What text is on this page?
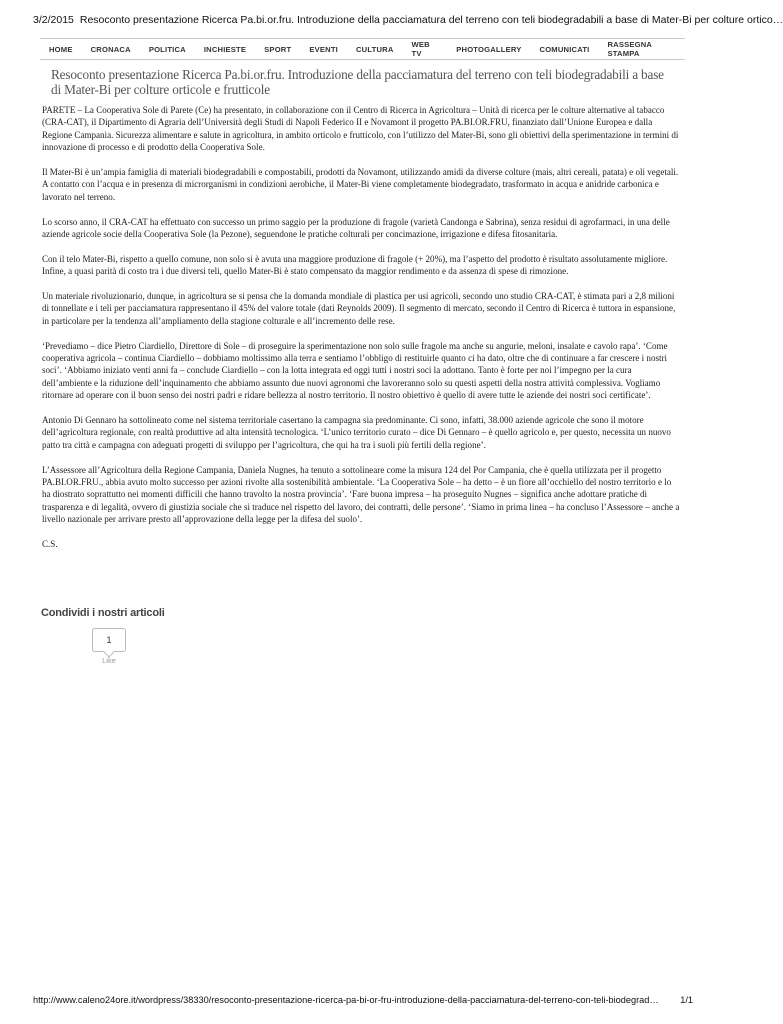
3/2/2015 Resoconto presentazione Ricerca Pa.bi.or.fru. Introduzione della pacciamatura del terreno con teli biodegradabili a base di Mater-Bi per colture ortico…
HOME	CRONACA	POLITICA	INCHIESTE	SPORT	EVENTI	CULTURA	WEB TV	PHOTOGALLERY	COMUNICATI	RASSEGNA STAMPA
Resoconto presentazione Ricerca Pa.bi.or.fru. Introduzione della pacciamatura del terreno con teli biodegradabili a base di Mater-Bi per colture orticole e frutticole

PARETE – La Cooperativa Sole di Parete (Ce) ha presentato, in collaborazione con il Centro di Ricerca in Agricoltura – Unità di ricerca per le colture alternative al tabacco (CRA-CAT), il Dipartimento di Agraria dell’Università degli Studi di Napoli Federico II e Novamont il progetto PA.BI.OR.FRU, finanziato dall’Unione Europea e dalla Regione Campania. Sicurezza alimentare e salute in agricoltura, in ambito orticolo e frutticolo, con l’utilizzo del Mater-Bi, sono gli obiettivi della sperimentazione in termini di innovazione di processo e di prodotto della Cooperativa Sole.

Il Mater-Bi è un’ampia famiglia di materiali biodegradabili e compostabili, prodotti da Novamont, utilizzando amidi da diverse colture (mais, altri cereali, patata) e oli vegetali. A contatto con l’acqua e in presenza di microrganismi in condizioni aerobiche, il Mater-Bi viene completamente biodegradato, trasformato in acqua e anidride carbonica e lavorato nel terreno.

Lo scorso anno, il CRA-CAT ha effettuato con successo un primo saggio per la produzione di fragole (varietà Candonga e Sabrina), senza residui di agrofarmaci, in una delle aziende agricole socie della Cooperativa Sole (la Pezone), seguendone le pratiche colturali per concimazione, irrigazione e difesa fitosanitaria.

Con il telo Mater-Bi, rispetto a quello comune, non solo si è avuta una maggiore produzione di fragole (+ 20%), ma l’aspetto del prodotto è risultato assolutamente migliore. Infine, a quasi parità di costo tra i due diversi teli, quello Mater-Bi è stato compensato da maggior rendimento e da assenza di spese di rimozione.

Un materiale rivoluzionario, dunque, in agricoltura se si pensa che la domanda mondiale di plastica per usi agricoli, secondo uno studio CRA-CAT, è stimata pari a 2,8 milioni di tonnellate e i teli per pacciamatura rappresentano il 45% del valore totale (dati Reynolds 2009). Il segmento di mercato, secondo il Centro di Ricerca è tuttora in espansione, in particolare per la tendenza all’ampliamento della stagione colturale e all’incremento delle rese.

‘Prevediamo – dice Pietro Ciardiello, Direttore di Sole – di proseguire la sperimentazione non solo sulle fragole ma anche su angurie, meloni, insalate e cavolo rapa’. ‘Come cooperativa agricola – continua Ciardiello – dobbiamo moltissimo alla terra e sentiamo l’obbligo di restituirle quanto ci ha dato, oltre che di continuare a far crescere i nostri soci’. ‘Abbiamo iniziato venti anni fa – conclude Ciardiello – con la lotta integrata ed oggi tutti i nostri soci la adottano. Tanto è forte per noi l’impegno per la cura dell’ambiente e la riduzione dell’inquinamento che abbiamo assunto due nuovi agronomi che lavoreranno solo su questi aspetti della nostra attività complessiva. Vogliamo ritornare ad operare con il buon senso dei nostri padri e ridare bellezza al nostro territorio. Il nostro obiettivo è quello di avere tutte le aziende dei nostri soci certificate’.

Antonio Di Gennaro ha sottolineato come nel sistema territoriale casertano la campagna sia predominante. Ci sono, infatti, 38.000 aziende agricole che sono il motore dell’agricoltura regionale, con realtà produttive ad alta intensità tecnologica. ‘L’unico territorio curato – dice Di Gennaro – è quello agricolo e, per questo, necessita un nuovo patto tra città e campagna con adeguati progetti di sviluppo per l’agricoltura, che qui ha tra i suoli più fertili della regione’.

L’Assessore all’Agricoltura della Regione Campania, Daniela Nugnes, ha tenuto a sottolineare come la misura 124 del Por Campania, che è quella utilizzata per il progetto PA.BI.OR.FRU., abbia avuto molto successo per azioni rivolte alla sostenibilità ambientale. ‘La Cooperativa Sole – ha detto – è un fiore all’occhiello del nostro territorio e lo ha diostrato soprattutto nei momenti difficili che hanno travolto la nostra provincia’. ‘Fare buona impresa – ha proseguito Nugnes – significa anche adottare pratiche di trasparenza e di legalità, ovvero di giustizia sociale che si traduce nel rispetto del lavoro, dei contratti, delle persone’. ‘Siamo in prima linea – ha concluso l’Assessore – anche a livello nazionale per arrivare presto all’approvazione della legge per la difesa del suolo’.

C.S.

Condividi i nostri articoli
1
Like
http://www.caleno24ore.it/wordpress/38330/resoconto-presentazione-ricerca-pa-bi-or-fru-introduzione-della-pacciamatura-del-terreno-con-teli-biodegrad… 1/1
